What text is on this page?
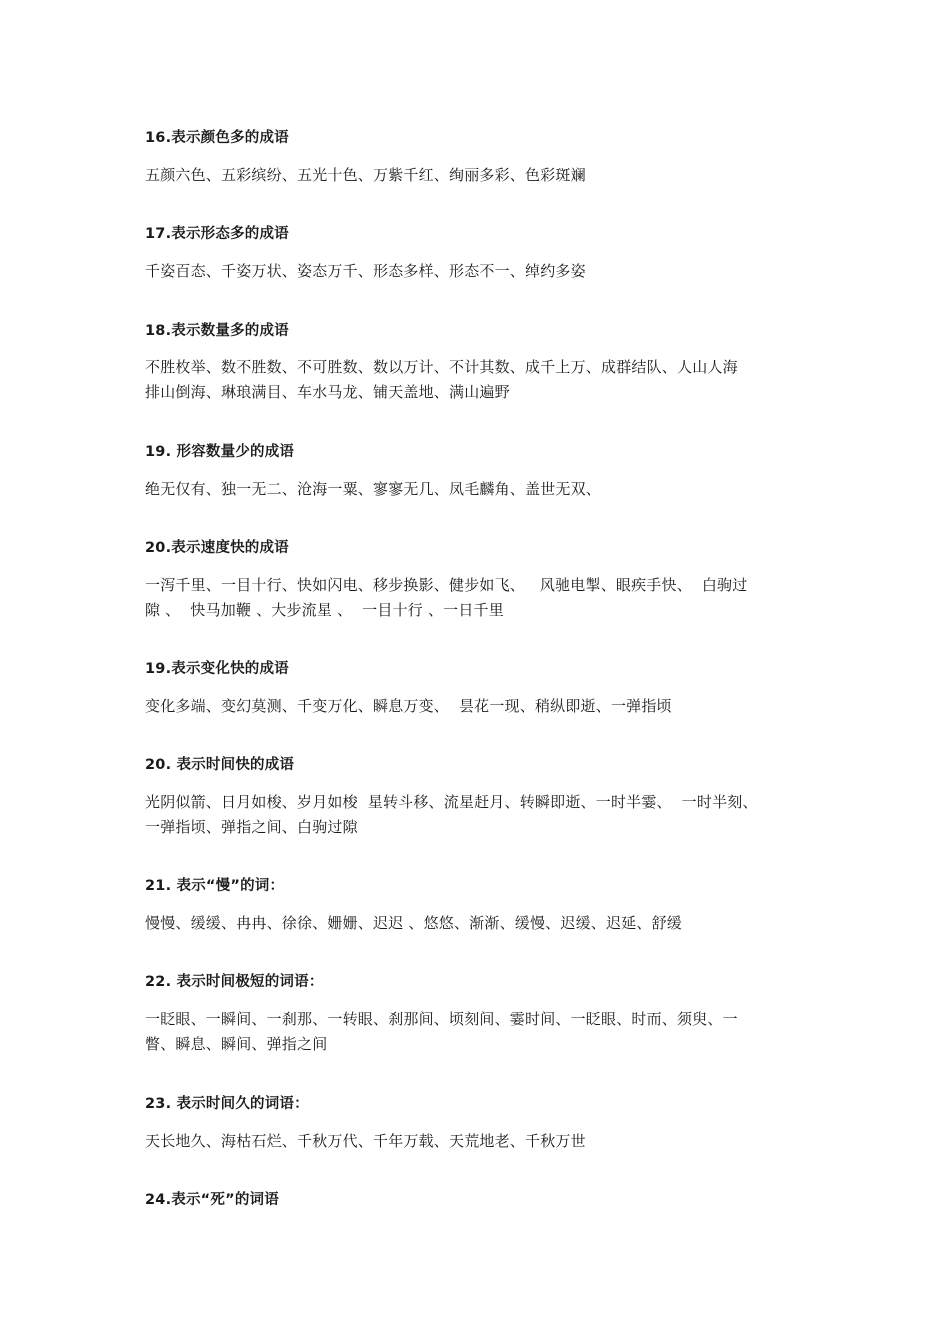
16.表示颜色多的成语
五颜六色、五彩缤纷、五光十色、万紫千红、绚丽多彩、色彩斑斓
17.表示形态多的成语
千姿百态、千姿万状、姿态万千、形态多样、形态不一、绰约多姿
18.表示数量多的成语
不胜枚举、数不胜数、不可胜数、数以万计、不计其数、成千上万、成群结队、人山人海
排山倒海、琳琅满目、车水马龙、铺天盖地、满山遍野
19. 形容数量少的成语
绝无仅有、独一无二、沧海一粟、寥寥无几、凤毛麟角、盖世无双、
20.表示速度快的成语
一泻千里、一目十行、快如闪电、移步换影、健步如飞、   风驰电掣、眼疾手快、  白驹过
隙 、  快马加鞭 、大步流星 、  一目十行 、一日千里
19.表示变化快的成语
变化多端、变幻莫测、千变万化、瞬息万变、  昙花一现、稍纵即逝、一弹指顷
20. 表示时间快的成语
光阴似箭、日月如梭、岁月如梭  星转斗移、流星赶月、转瞬即逝、一时半霎、  一时半刻、
一弹指顷、弹指之间、白驹过隙
21. 表示“慢”的词：
慢慢、缓缓、冉冉、徐徐、姗姗、迟迟 、悠悠、渐渐、缓慢、迟缓、迟延、舒缓
22. 表示时间极短的词语：
一眨眼、一瞬间、一刹那、一转眼、刹那间、顷刻间、霎时间、一眨眼、时而、须臾、一
瞥、瞬息、瞬间、弹指之间
23. 表示时间久的词语：
天长地久、海枯石烂、千秋万代、千年万载、天荒地老、千秋万世
24.表示“死”的词语
